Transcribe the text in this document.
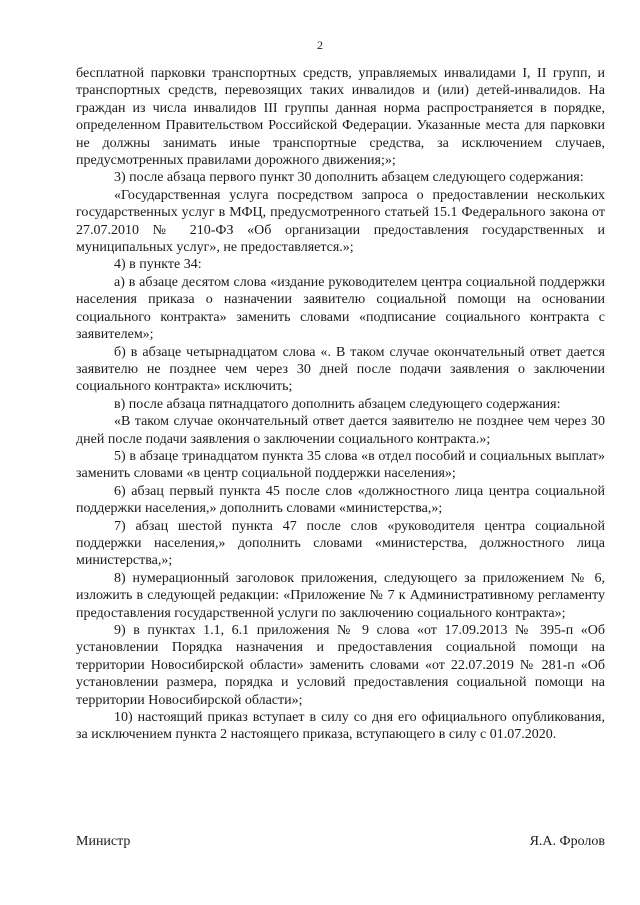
2

бесплатной парковки транспортных средств, управляемых инвалидами I, II групп, и транспортных средств, перевозящих таких инвалидов и (или) детей-инвалидов. На граждан из числа инвалидов III группы данная норма распространяется в порядке, определенном Правительством Российской Федерации. Указанные места для парковки не должны занимать иные транспортные средства, за исключением случаев, предусмотренных правилами дорожного движения;»;

3) после абзаца первого пункт 30 дополнить абзацем следующего содержания:

«Государственная услуга посредством запроса о предоставлении нескольких государственных услуг в МФЦ, предусмотренного статьей 15.1 Федерального закона от 27.07.2010 № 210-ФЗ «Об организации предоставления государственных и муниципальных услуг», не предоставляется.»;

4) в пункте 34:

а) в абзаце десятом слова «издание руководителем центра социальной поддержки населения приказа о назначении заявителю социальной помощи на основании социального контракта» заменить словами «подписание социального контракта с заявителем»;

б) в абзаце четырнадцатом слова «. В таком случае окончательный ответ дается заявителю не позднее чем через 30 дней после подачи заявления о заключении социального контракта» исключить;

в) после абзаца пятнадцатого дополнить абзацем следующего содержания:

«В таком случае окончательный ответ дается заявителю не позднее чем через 30 дней после подачи заявления о заключении социального контракта.»;

5) в абзаце тринадцатом пункта 35 слова «в отдел пособий и социальных выплат» заменить словами «в центр социальной поддержки населения»;

6) абзац первый пункта 45 после слов «должностного лица центра социальной поддержки населения,» дополнить словами «министерства,»;

7) абзац шестой пункта 47 после слов «руководителя центра социальной поддержки населения,» дополнить словами «министерства, должностного лица министерства,»;

8) нумерационный заголовок приложения, следующего за приложением № 6, изложить в следующей редакции: «Приложение № 7 к Административному регламенту предоставления государственной услуги по заключению социального контракта»;

9) в пунктах 1.1, 6.1 приложения № 9 слова «от 17.09.2013 № 395-п «Об установлении Порядка назначения и предоставления социальной помощи на территории Новосибирской области» заменить словами «от 22.07.2019 № 281-п «Об установлении размера, порядка и условий предоставления социальной помощи на территории Новосибирской области»;

10) настоящий приказ вступает в силу со дня его официального опубликования, за исключением пункта 2 настоящего приказа, вступающего в силу с 01.07.2020.

Министр	Я.А. Фролов
